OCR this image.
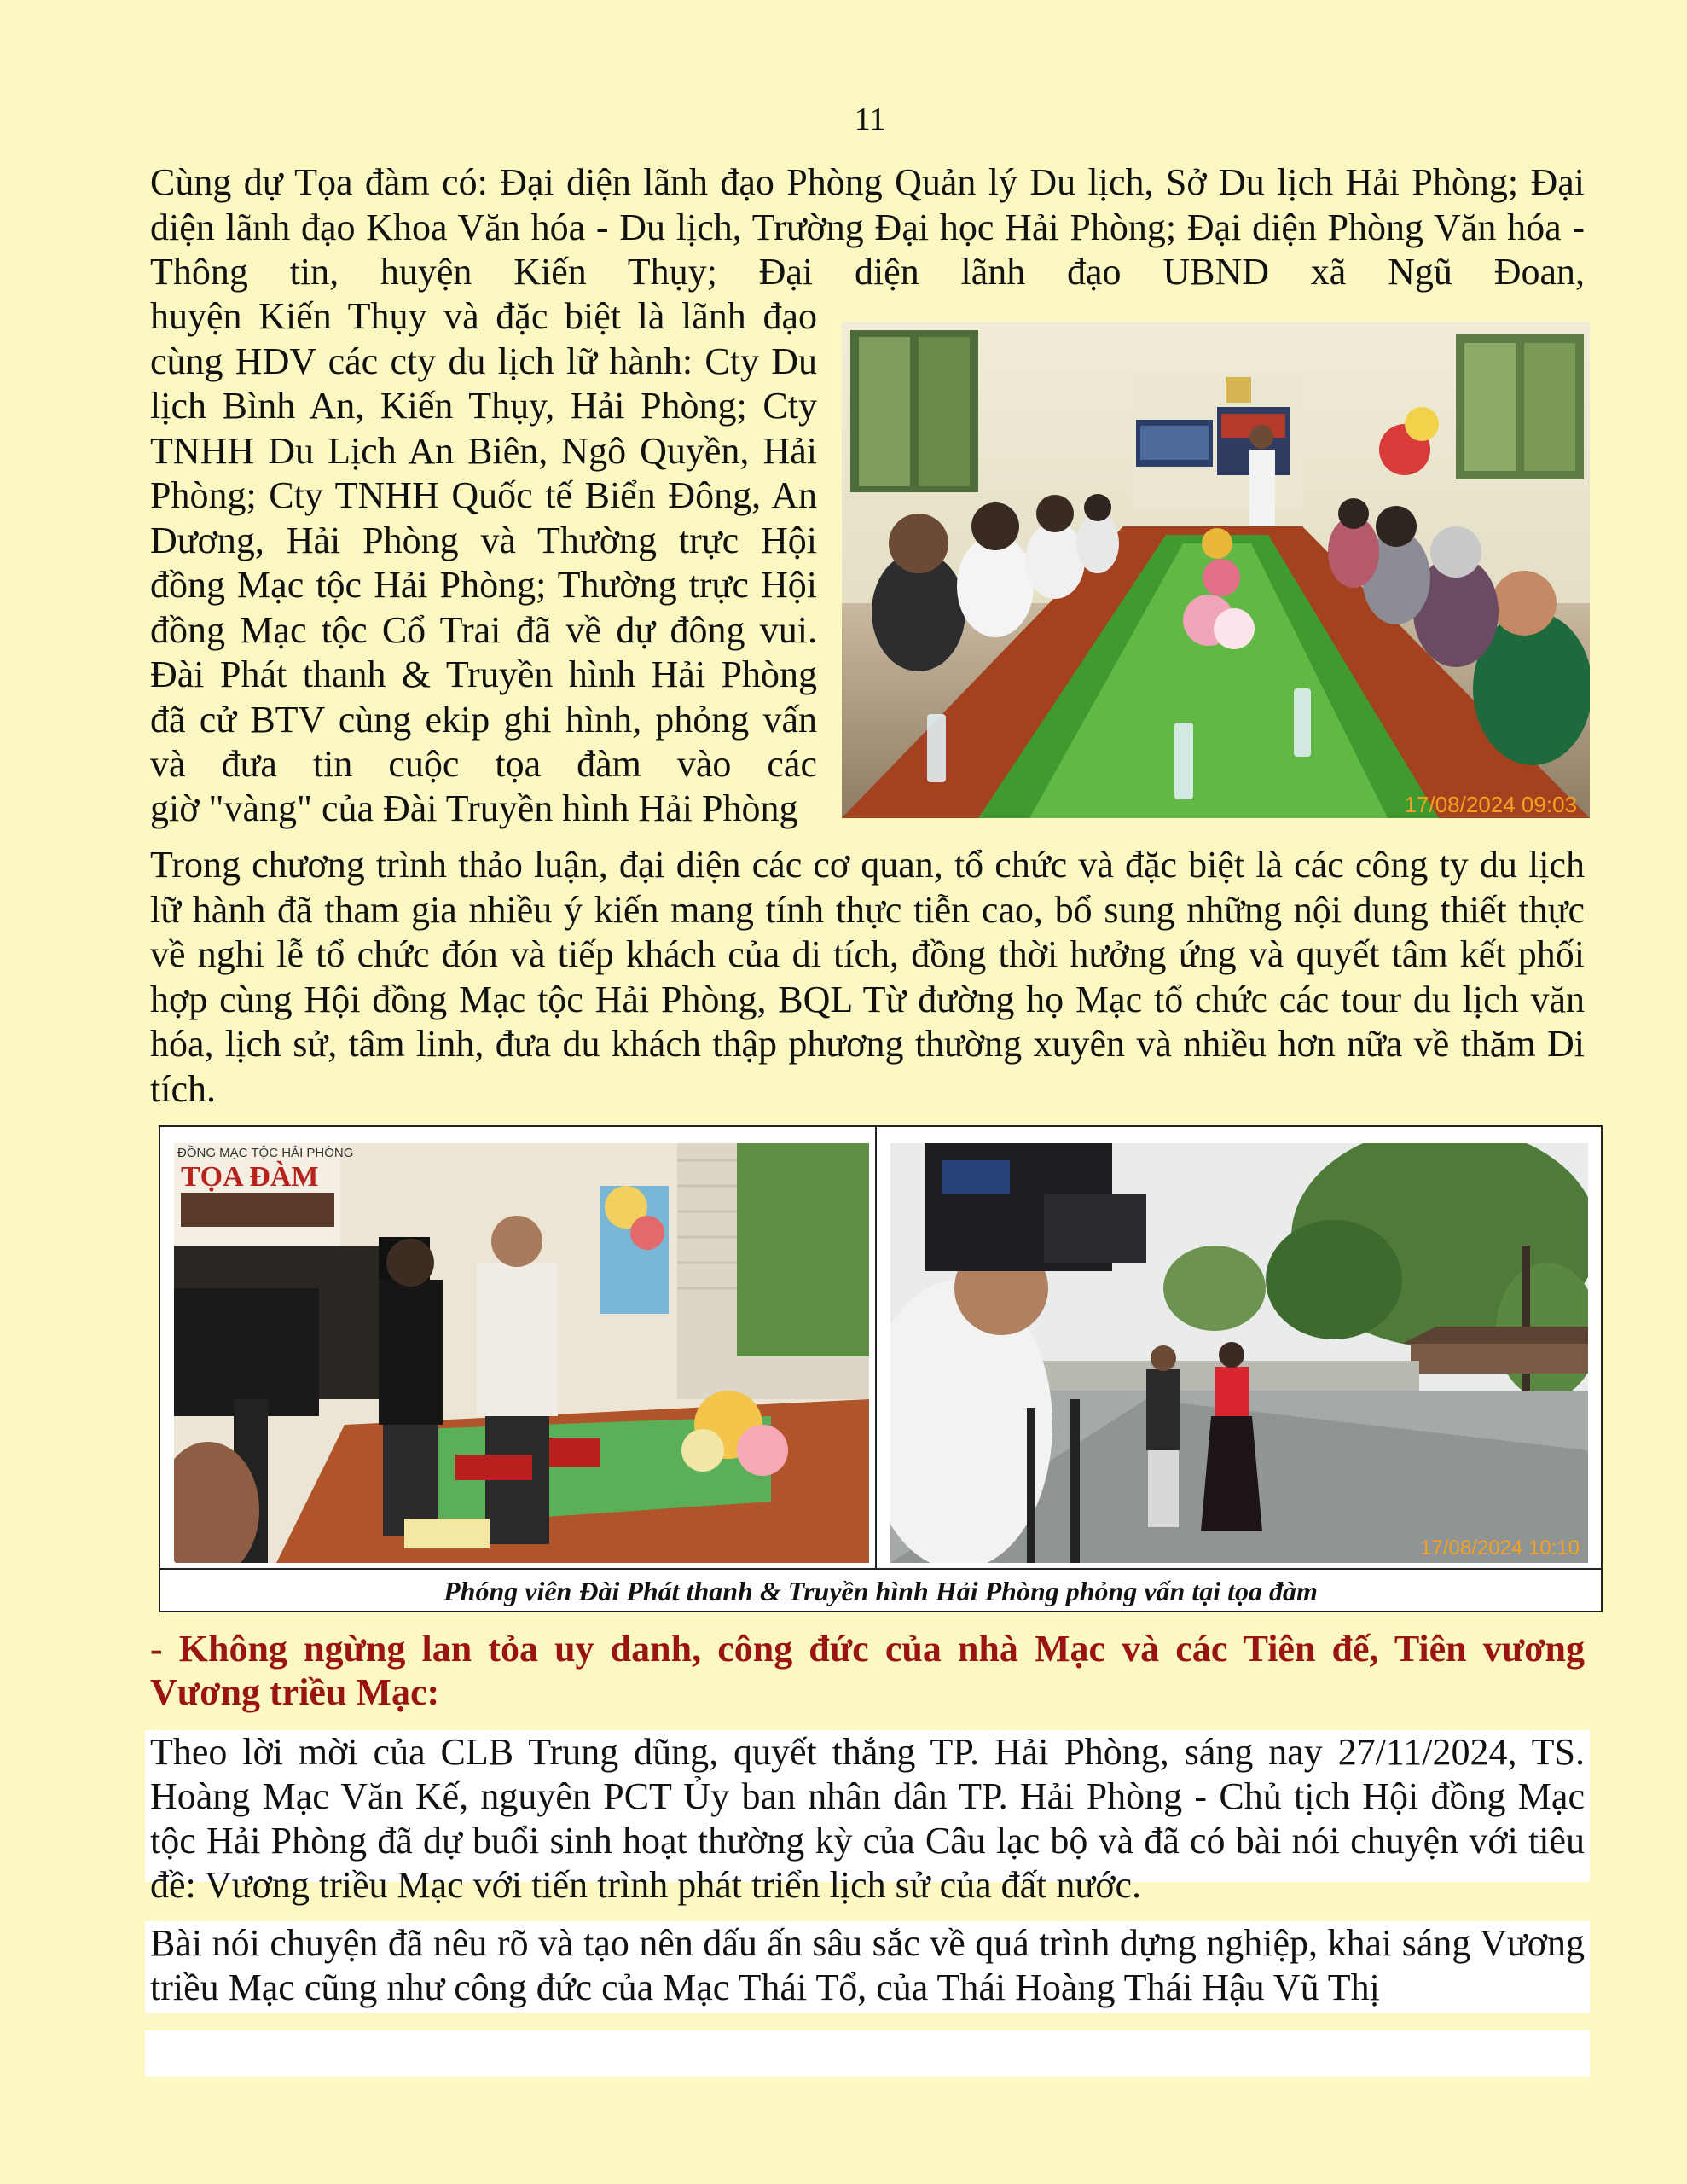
11

Cùng dự Tọa đàm có: Đại diện lãnh đạo Phòng Quản lý Du lịch, Sở Du lịch Hải Phòng; Đại diện lãnh đạo Khoa Văn hóa - Du lịch, Trường Đại học Hải Phòng; Đại diện Phòng Văn hóa - Thông tin, huyện Kiến Thụy; Đại diện lãnh đạo UBND xã Ngũ Đoan,

huyện Kiến Thụy và đặc biệt là lãnh đạo cùng HDV các cty du lịch lữ hành: Cty Du lịch Bình An, Kiến Thụy, Hải Phòng; Cty TNHH Du Lịch An Biên, Ngô Quyền, Hải Phòng; Cty TNHH Quốc tế Biển Đông, An Dương, Hải Phòng và Thường trực Hội đồng Mạc tộc Hải Phòng; Thường trực Hội đồng Mạc tộc Cổ Trai đã về dự đông vui. Đài Phát thanh & Truyền hình Hải Phòng đã cử BTV cùng ekip ghi hình, phỏng vấn và đưa tin cuộc tọa đàm vào các

giờ "vàng" của Đài Truyền hình Hải Phòng	17/08/2024 09:03

Trong chương trình thảo luận, đại diện các cơ quan, tổ chức và đặc biệt là các công ty du lịch lữ hành đã tham gia nhiều ý kiến mang tính thực tiễn cao, bổ sung những nội dung thiết thực về nghi lễ tổ chức đón và tiếp khách của di tích, đồng thời hưởng ứng và quyết tâm kết phối hợp cùng Hội đồng Mạc tộc Hải Phòng, BQL Từ đường họ Mạc tổ chức các tour du lịch văn hóa, lịch sử, tâm linh, đưa du khách thập phương thường xuyên và nhiều hơn nữa về thăm Di tích.

ĐỒNG MẠC TỘC HẢI PHÒNG
TỌA ĐÀM
17/08/2024 10:10
Phóng viên Đài Phát thanh & Truyền hình Hải Phòng phỏng vấn tại tọa đàm

- Không ngừng lan tỏa uy danh, công đức của nhà Mạc và các Tiên đế, Tiên vương Vương triều Mạc:

Theo lời mời của CLB Trung dũng, quyết thắng TP. Hải Phòng, sáng nay 27/11/2024, TS. Hoàng Mạc Văn Kế, nguyên PCT Ủy ban nhân dân TP. Hải Phòng - Chủ tịch Hội đồng Mạc tộc Hải Phòng đã dự buổi sinh hoạt thường kỳ của Câu lạc bộ và đã có bài nói chuyện với tiêu đề: Vương triều Mạc với tiến trình phát triển lịch sử của đất nước.

Bài nói chuyện đã nêu rõ và tạo nên dấu ấn sâu sắc về quá trình dựng nghiệp, khai sáng Vương triều Mạc cũng như công đức của Mạc Thái Tổ, của Thái Hoàng Thái Hậu Vũ Thị
